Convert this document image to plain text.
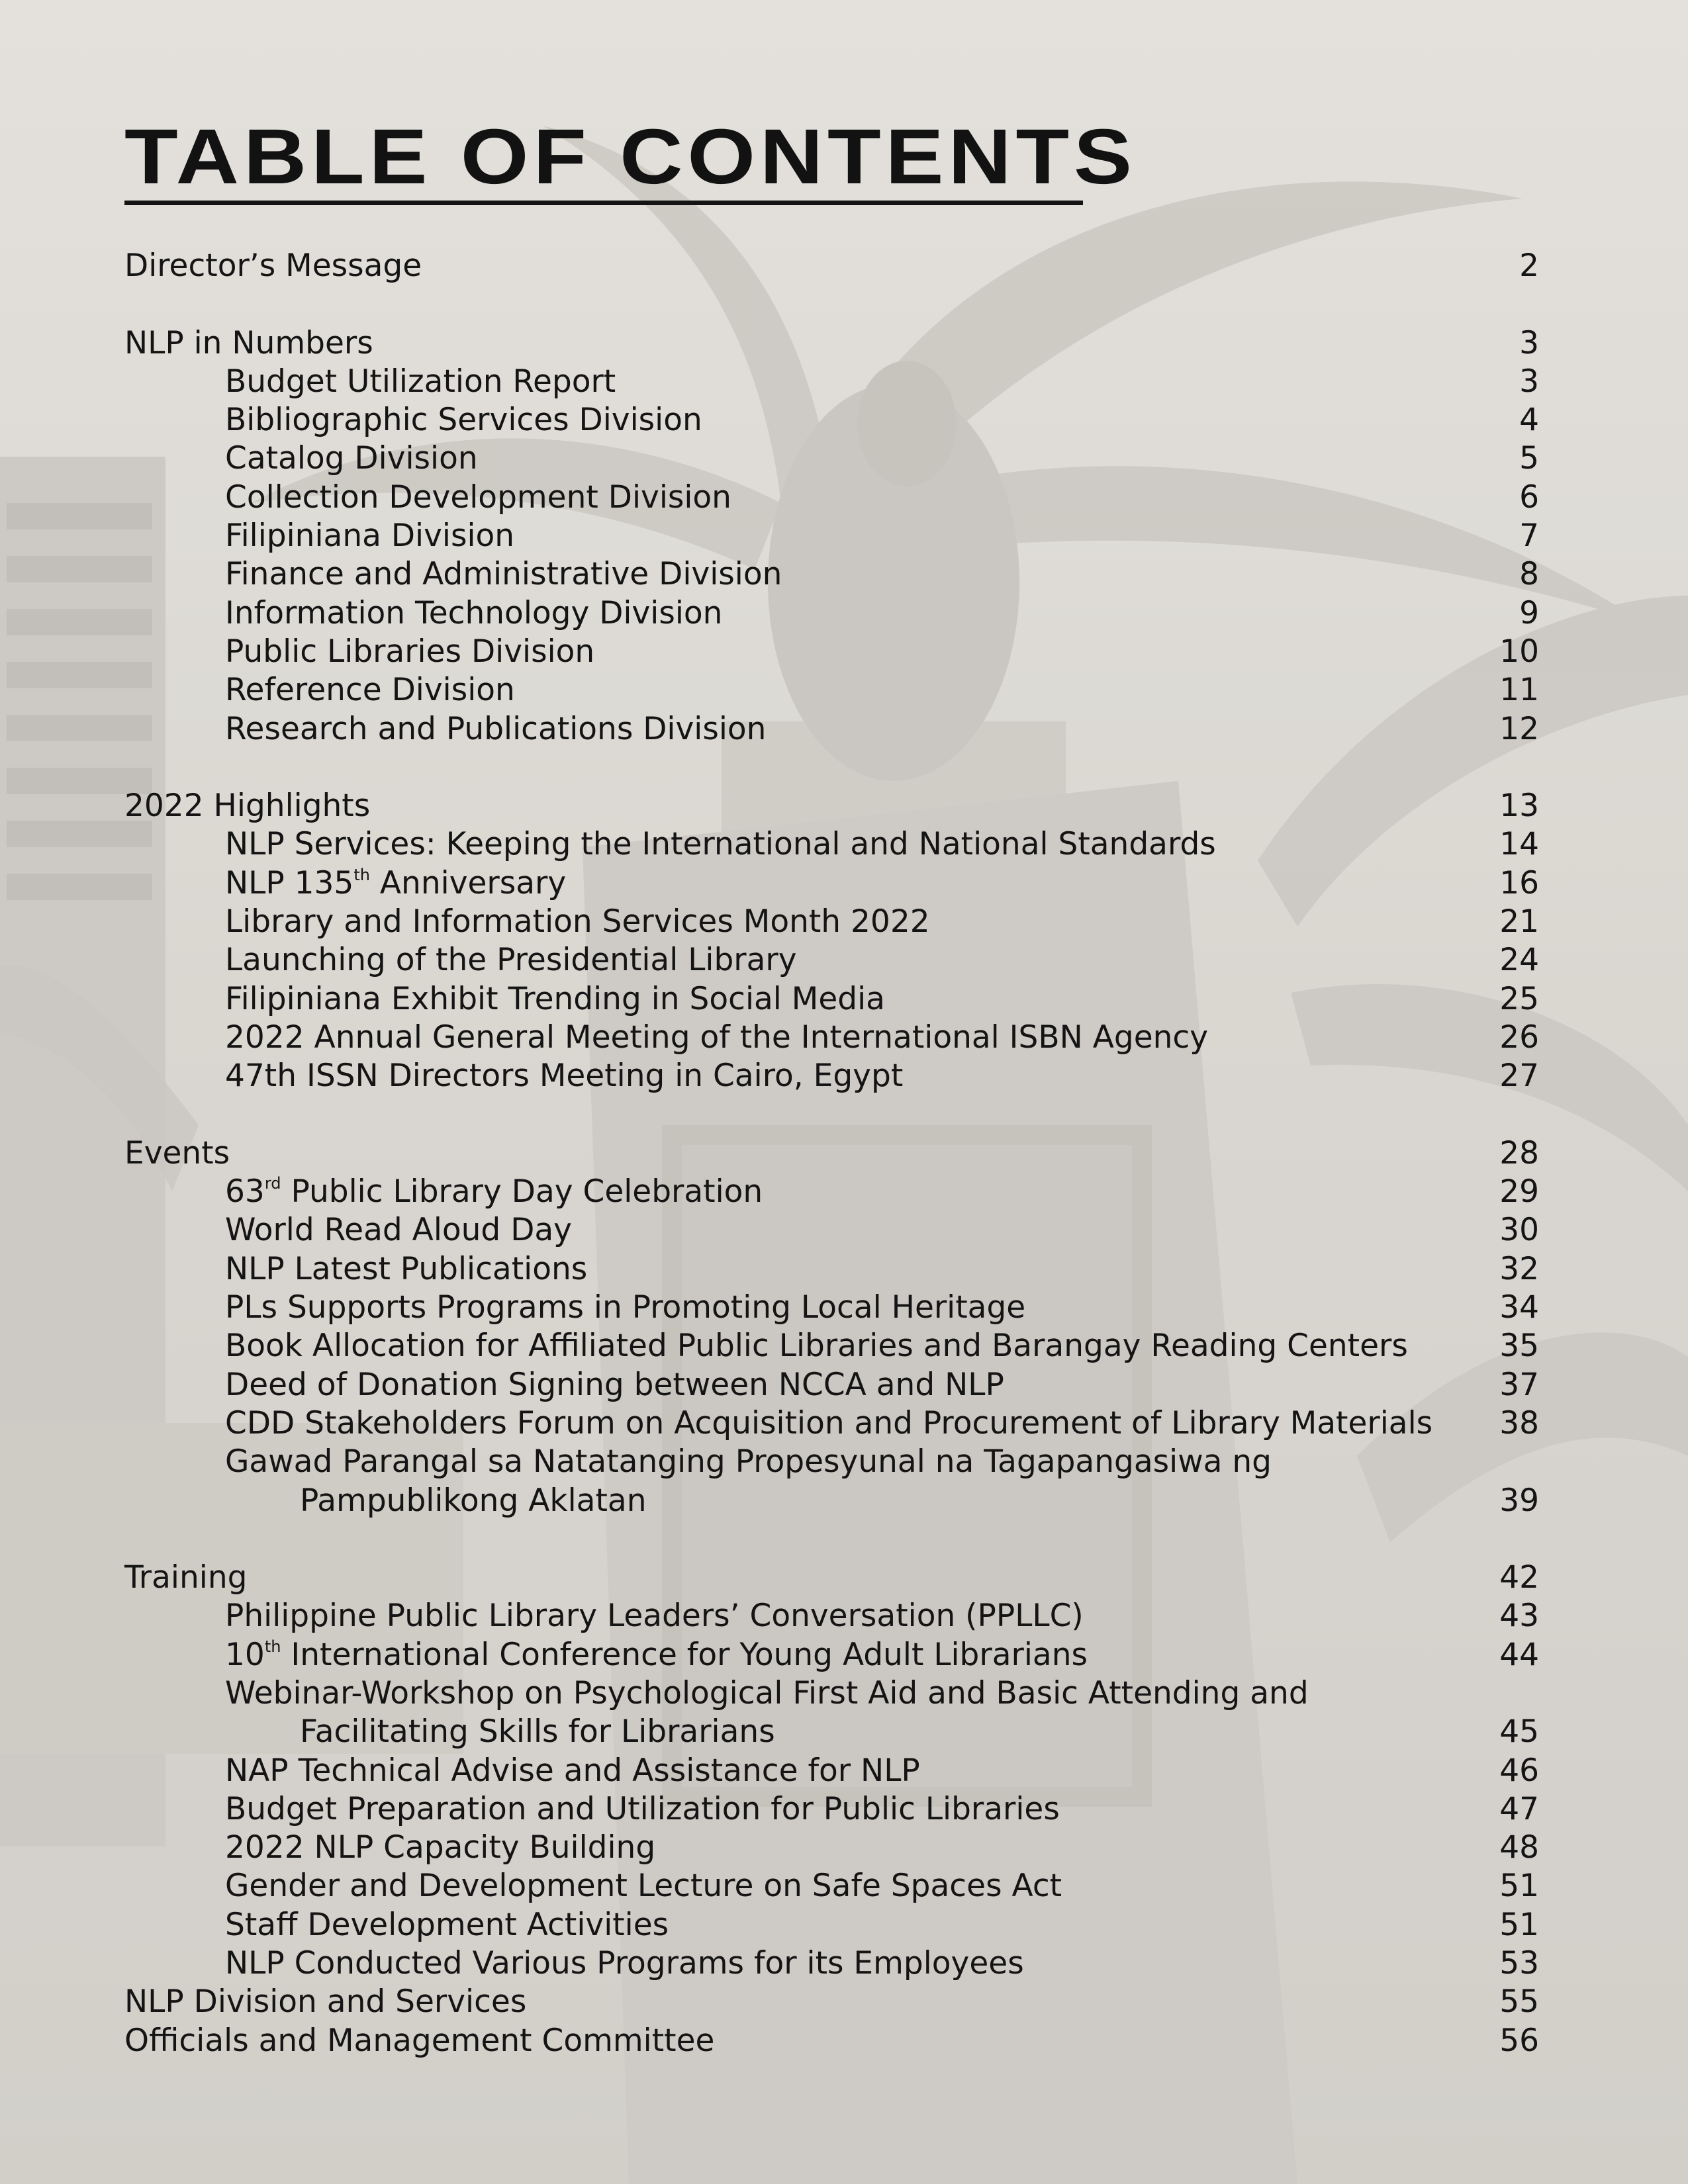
TABLE OF CONTENTS
Director’s Message	2
NLP in Numbers	3
Budget Utilization Report	3
Bibliographic Services Division	4
Catalog Division	5
Collection Development Division	6
Filipiniana Division	7
Finance and Administrative Division	8
Information Technology Division	9
Public Libraries Division	10
Reference Division	11
Research and Publications Division	12
2022 Highlights	13
NLP Services: Keeping the International and National Standards	14
NLP 135th Anniversary	16
Library and Information Services Month 2022	21
Launching of the Presidential Library	24
Filipiniana Exhibit Trending in Social Media	25
2022 Annual General Meeting of the International ISBN Agency	26
47th ISSN Directors Meeting in Cairo, Egypt	27
Events	28
63rd Public Library Day Celebration	29
World Read Aloud Day	30
NLP Latest Publications	32
PLs Supports Programs in Promoting Local Heritage	34
Book Allocation for Affiliated Public Libraries and Barangay Reading Centers	35
Deed of Donation Signing between NCCA and NLP	37
CDD Stakeholders Forum on Acquisition and Procurement of Library Materials 38
Gawad Parangal sa Natatanging Propesyunal na Tagapangasiwa ng
Pampublikong Aklatan	39
Training	42
Philippine Public Library Leaders’ Conversation (PPLLC)	43
10th International Conference for Young Adult Librarians	44
Webinar-Workshop on Psychological First Aid and Basic Attending and
Facilitating Skills for Librarians	45
NAP Technical Advise and Assistance for NLP	46
Budget Preparation and Utilization for Public Libraries	47
2022 NLP Capacity Building	48
Gender and Development Lecture on Safe Spaces Act	51
Staff Development Activities	51
NLP Conducted Various Programs for its Employees	53
NLP Division and Services	55
Officials and Management Committee	56
